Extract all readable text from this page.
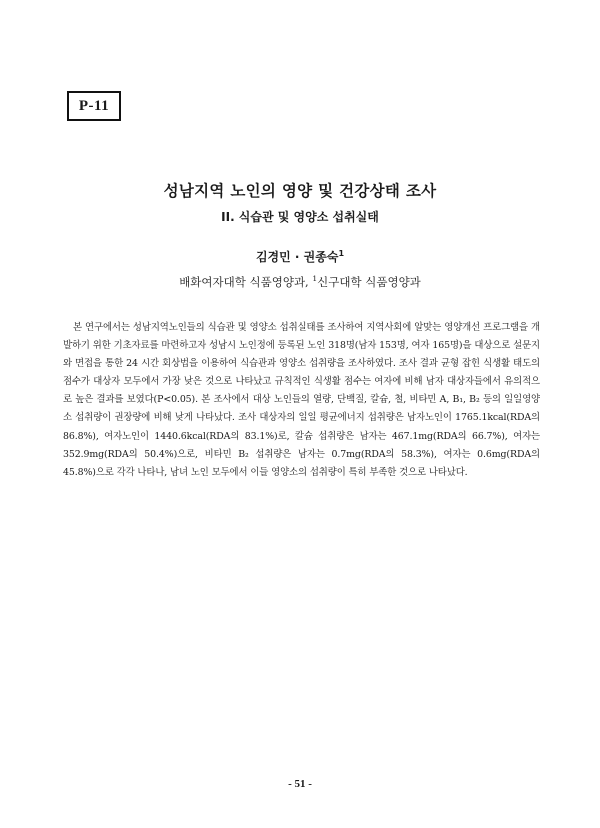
P-11
성남지역 노인의 영양 및 건강상태 조사
II. 식습관 및 영양소 섭취실태
김경민 · 권종숙$^1$
배화여자대학 식품영양과, $^1$신구대학 식품영양과

본 연구에서는 성남지역노인들의 식습관 및 영양소 섭취실태를 조사하여 지역사회에 알맞는 영양개선 프로그램을 개발하기 위한 기초자료를 마련하고자 성남시 노인정에 등록된 노인 318명(남자 153명, 여자 165명)을 대상으로 설문지와 면접을 통한 24 시간 회상법을 이용하여 식습관과 영양소 섭취량을 조사하였다. 조사 결과 균형 잡힌 식생활 태도의 점수가 대상자 모두에서 가장 낮은 것으로 나타났고 규칙적인 식생활 점수는 여자에 비해 남자 대상자들에서 유의적으로 높은 결과를 보였다(P<0.05). 본 조사에서 대상 노인들의 열량, 단백질, 칼슘, 철, 비타민 A, B₁, B₂ 등의 일일영양소 섭취량이 권장량에 비해 낮게 나타났다. 조사 대상자의 일일 평균에너지 섭취량은 남자노인이 1765.1kcal(RDA의 86.8%), 여자노인이 1440.6kcal(RDA의 83.1%)로, 칼슘 섭취량은 남자는 467.1mg(RDA의 66.7%), 여자는 352.9mg(RDA의 50.4%)으로, 비타민 B₂ 섭취량은 남자는 0.7mg(RDA의 58.3%), 여자는 0.6mg(RDA의 45.8%)으로 각각 나타나, 남녀 노인 모두에서 이들 영양소의 섭취량이 특히 부족한 것으로 나타났다.

- 51 -
